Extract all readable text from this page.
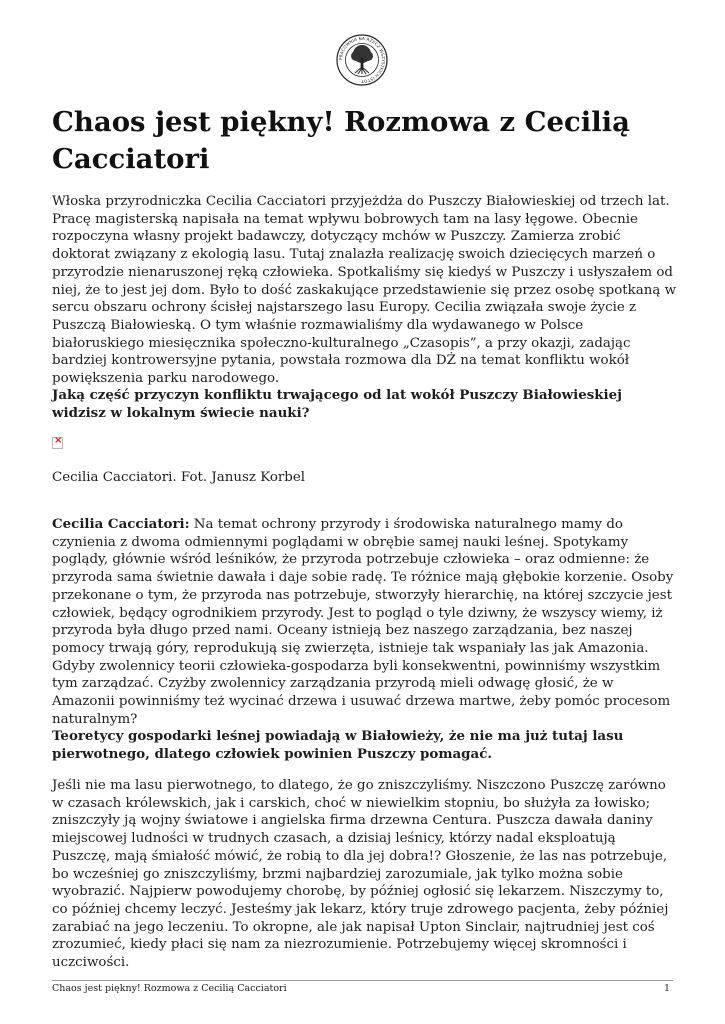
PRACOWNIA NA RZECZ WSZYSTKICH ISTOT
Chaos jest piękny! Rozmowa z Cecilią Cacciatori

Włoska przyrodniczka Cecilia Cacciatori przyjeżdża do Puszczy Białowieskiej od trzech lat. Pracę magisterską napisała na temat wpływu bobrowych tam na lasy łęgowe. Obecnie rozpoczyna własny projekt badawczy, dotyczący mchów w Puszczy. Zamierza zrobić doktorat związany z ekologią lasu. Tutaj znalazła realizację swoich dziecięcych marzeń o przyrodzie nienaruszonej ręką człowieka. Spotkaliśmy się kiedyś w Puszczy i usłyszałem od niej, że to jest jej dom. Było to dość zaskakujące przedstawienie się przez osobę spotkaną w sercu obszaru ochrony ścisłej najstarszego lasu Europy. Cecilia związała swoje życie z Puszczą Białowieską. O tym właśnie rozmawialiśmy dla wydawanego w Polsce białoruskiego miesięcznika społeczno-kulturalnego „Czasopis”, a przy okazji, zadając bardziej kontrowersyjne pytania, powstała rozmowa dla DŻ na temat konfliktu wokół powiększenia parku narodowego.

Jaką część przyczyn konfliktu trwającego od lat wokół Puszczy Białowieskiej widzisz w lokalnym świecie nauki?

×

Cecilia Cacciatori. Fot. Janusz Korbel

Cecilia Cacciatori: Na temat ochrony przyrody i środowiska naturalnego mamy do czynienia z dwoma odmiennymi poglądami w obrębie samej nauki leśnej. Spotykamy poglądy, głównie wśród leśników, że przyroda potrzebuje człowieka – oraz odmienne: że przyroda sama świetnie dawała i daje sobie radę. Te różnice mają głębokie korzenie. Osoby przekonane o tym, że przyroda nas potrzebuje, stworzyły hierarchię, na której szczycie jest człowiek, będący ogrodnikiem przyrody. Jest to pogląd o tyle dziwny, że wszyscy wiemy, iż przyroda była długo przed nami. Oceany istnieją bez naszego zarządzania, bez naszej pomocy trwają góry, reprodukują się zwierzęta, istnieje tak wspaniały las jak Amazonia. Gdyby zwolennicy teorii człowieka-gospodarza byli konsekwentni, powinniśmy wszystkim tym zarządzać. Czyżby zwolennicy zarządzania przyrodą mieli odwagę głosić, że w Amazonii powinniśmy też wycinać drzewa i usuwać drzewa martwe, żeby pomóc procesom naturalnym?

Teoretycy gospodarki leśnej powiadają w Białowieży, że nie ma już tutaj lasu pierwotnego, dlatego człowiek powinien Puszczy pomagać.

Jeśli nie ma lasu pierwotnego, to dlatego, że go zniszczyliśmy. Niszczono Puszczę zarówno w czasach królewskich, jak i carskich, choć w niewielkim stopniu, bo służyła za łowisko; zniszczyły ją wojny światowe i angielska firma drzewna Centura. Puszcza dawała daniny miejscowej ludności w trudnych czasach, a dzisiaj leśnicy, którzy nadal eksploatują Puszczę, mają śmiałość mówić, że robią to dla jej dobra!? Głoszenie, że las nas potrzebuje, bo wcześniej go zniszczyliśmy, brzmi najbardziej zarozumiale, jak tylko można sobie wyobrazić. Najpierw powodujemy chorobę, by później ogłosić się lekarzem. Niszczymy to, co później chcemy leczyć. Jesteśmy jak lekarz, który truje zdrowego pacjenta, żeby później zarabiać na jego leczeniu. To okropne, ale jak napisał Upton Sinclair, najtrudniej jest coś zrozumieć, kiedy płaci się nam za niezrozumienie. Potrzebujemy więcej skromności i uczciwości.

Chaos jest piękny! Rozmowa z Cecilią Cacciatori	1
